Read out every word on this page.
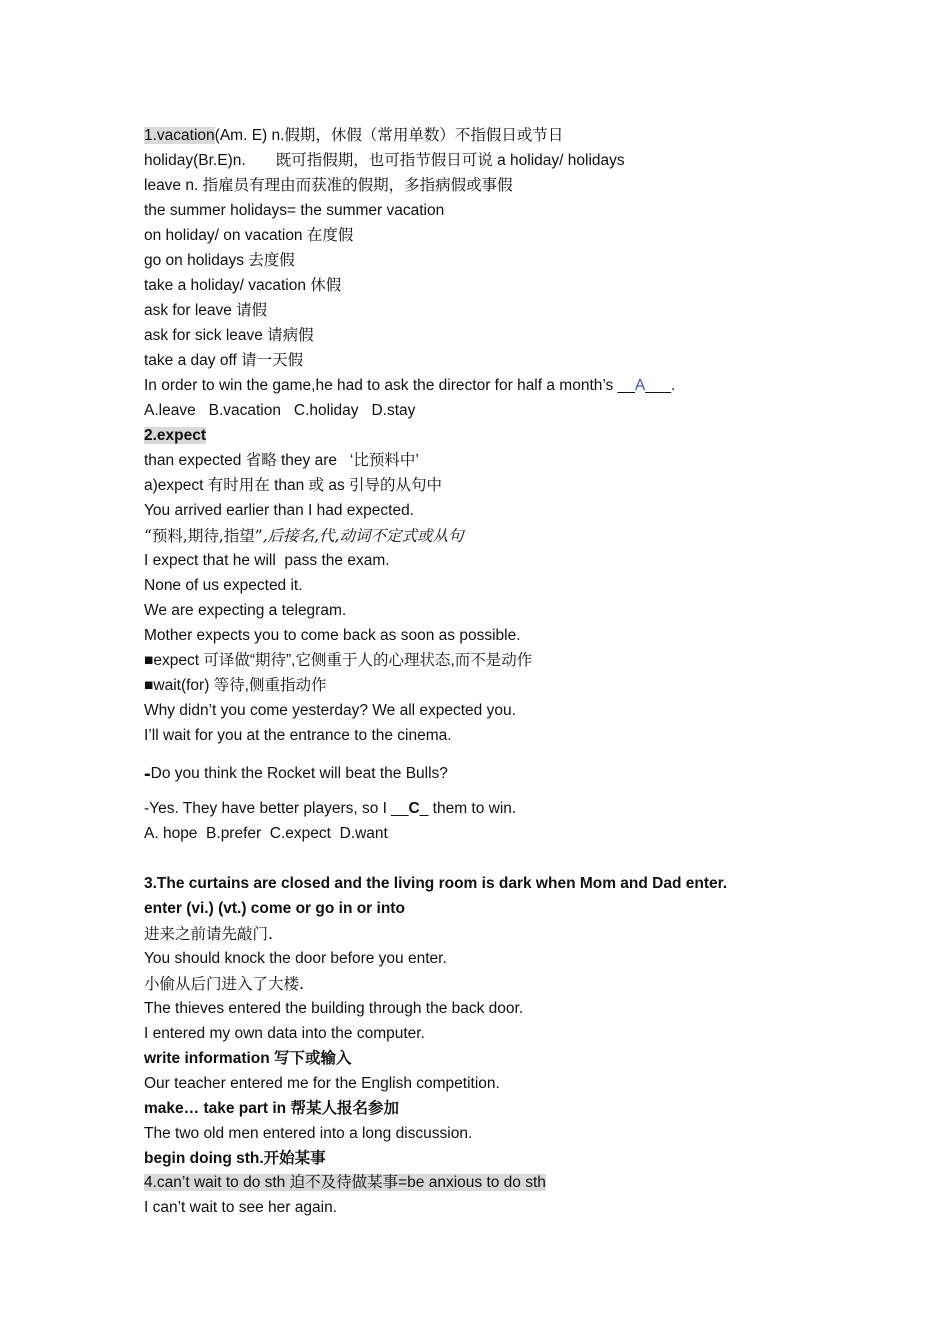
1.vacation(Am. E) n.假期，休假（常用单数）不指假日或节日
holiday(Br.E)n.       既可指假期，也可指节假日可说 a holiday/ holidays
leave n. 指雇员有理由而获准的假期，多指病假或事假
the summer holidays= the summer vacation
on holiday/ on vacation 在度假
go on holidays 去度假
take a holiday/ vacation 休假
ask for leave 请假
ask for sick leave 请病假
take a day off 请一天假
In order to win the game,he had to ask the director for half a month’s __A___.
A.leave   B.vacation   C.holiday   D.stay
2.expect
than expected 省略 they are   ‘比预料中’
a)expect 有时用在 than 或 as 引导的从句中
You arrived earlier than I had expected.
“预料,期待,指望”,后接名,代,动词不定式或从句
I expect that he will  pass the exam.
None of us expected it.
We are expecting a telegram.
Mother expects you to come back as soon as possible.
■expect 可译做“期待”,它侧重于人的心理状态,而不是动作
■wait(for) 等待,侧重指动作
Why didn’t you come yesterday? We all expected you.
I’ll wait for you at the entrance to the cinema.
-Do you think the Rocket will beat the Bulls?
-Yes. They have better players, so I __C_ them to win.
A. hope  B.prefer  C.expect  D.want
3.The curtains are closed and the living room is dark when Mom and Dad enter.
enter (vi.) (vt.) come or go in or into
进来之前请先敲门.
You should knock the door before you enter.
小偷从后门进入了大楼.
The thieves entered the building through the back door.
I entered my own data into the computer.
write information 写下或输入
Our teacher entered me for the English competition.
make… take part in 帮某人报名参加
The two old men entered into a long discussion.
begin doing sth.开始某事
4.can’t wait to do sth 迫不及待做某事=be anxious to do sth
I can’t wait to see her again.
